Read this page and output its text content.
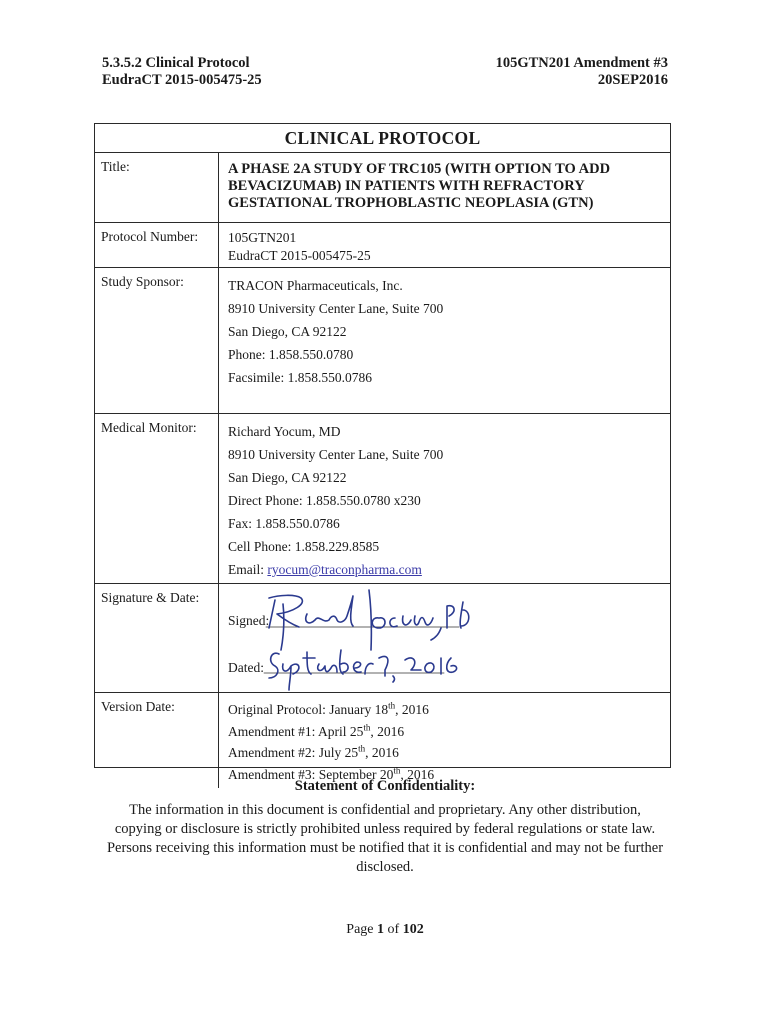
5.3.5.2 Clinical Protocol
EudraCT 2015-005475-25
105GTN201 Amendment #3
20SEP2016
CLINICAL PROTOCOL
Title:	A PHASE 2A STUDY OF TRC105 (WITH OPTION TO ADD
BEVACIZUMAB) IN PATIENTS WITH REFRACTORY
GESTATIONAL TROPHOBLASTIC NEOPLASIA (GTN)
Protocol Number:	105GTN201
EudraCT 2015-005475-25
Study Sponsor:	TRACON Pharmaceuticals, Inc.
8910 University Center Lane, Suite 700
San Diego, CA 92122
Phone: 1.858.550.0780
Facsimile: 1.858.550.0786
Medical Monitor:	Richard Yocum, MD
8910 University Center Lane, Suite 700
San Diego, CA 92122
Direct Phone: 1.858.550.0780 x230
Fax: 1.858.550.0786
Cell Phone: 1.858.229.8585
Email: ryocum@traconpharma.com
Signature & Date:
Signed:
Dated:
Version Date:	Original Protocol: January 18th, 2016
Amendment #1: April 25th, 2016
Amendment #2: July 25th, 2016
Amendment #3: September 20th, 2016
Statement of Confidentiality:
The information in this document is confidential and proprietary. Any other distribution, copying or disclosure is strictly prohibited unless required by federal regulations or state law. Persons receiving this information must be notified that it is confidential and may not be further disclosed.
Page 1 of 102
